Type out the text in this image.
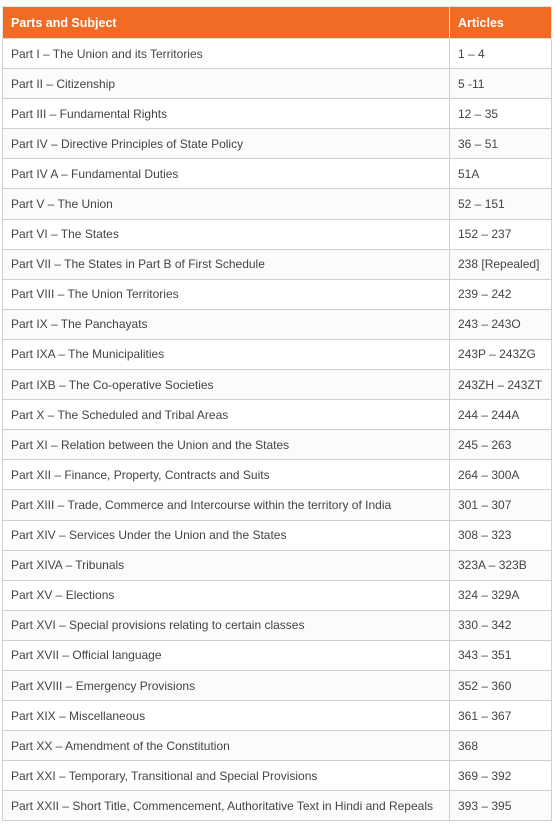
Parts and Subject	Articles
Part I – The Union and its Territories	1 – 4
Part II – Citizenship	5 -11
Part III – Fundamental Rights	12 – 35
Part IV – Directive Principles of State Policy	36 – 51
Part IV A – Fundamental Duties	51A
Part V – The Union	52 – 151
Part VI – The States	152 – 237
Part VII – The States in Part B of First Schedule	238 [Repealed]
Part VIII – The Union Territories	239 – 242
Part IX – The Panchayats	243 – 243O
Part IXA – The Municipalities	243P – 243ZG
Part IXB – The Co-operative Societies	243ZH – 243ZT
Part X – The Scheduled and Tribal Areas	244 – 244A
Part XI – Relation between the Union and the States	245 – 263
Part XII – Finance, Property, Contracts and Suits	264 – 300A
Part XIII – Trade, Commerce and Intercourse within the territory of India	301 – 307
Part XIV – Services Under the Union and the States	308 – 323
Part XIVA – Tribunals	323A – 323B
Part XV – Elections	324 – 329A
Part XVI – Special provisions relating to certain classes	330 – 342
Part XVII – Official language	343 – 351
Part XVIII – Emergency Provisions	352 – 360
Part XIX – Miscellaneous	361 – 367
Part XX – Amendment of the Constitution	368
Part XXI – Temporary, Transitional and Special Provisions	369 – 392
Part XXII – Short Title, Commencement, Authoritative Text in Hindi and Repeals	393 – 395
